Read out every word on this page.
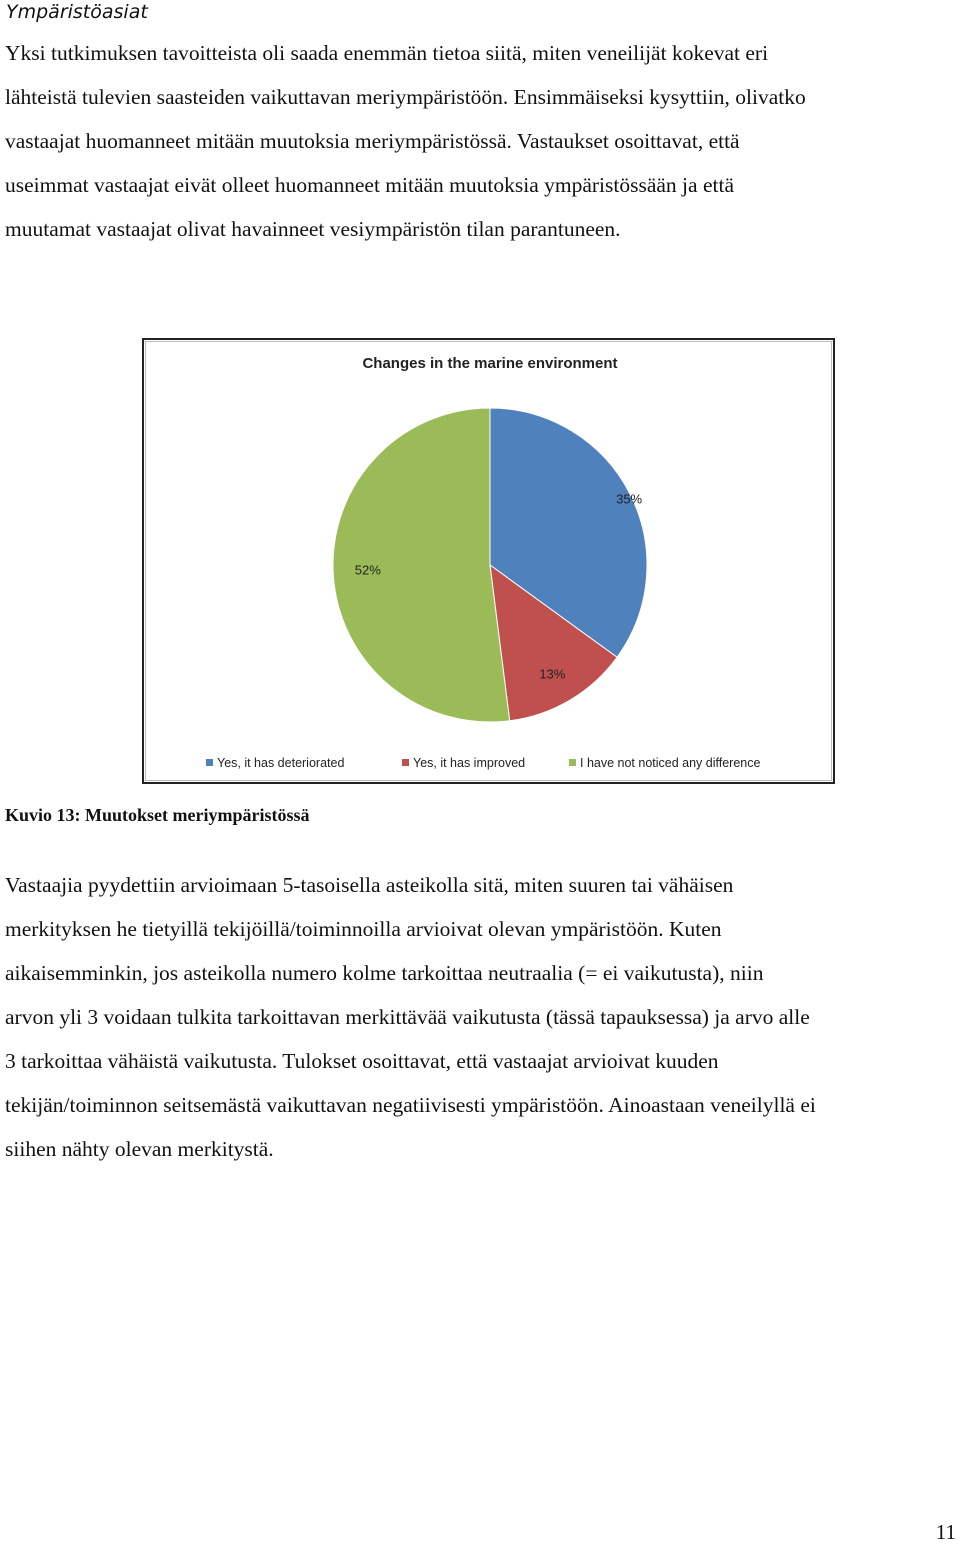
Ympäristöasiat
Yksi tutkimuksen tavoitteista oli saada enemmän tietoa siitä, miten veneilijät kokevat eri
lähteistä tulevien saasteiden vaikuttavan meriympäristöön. Ensimmäiseksi kysyttiin, olivatko
vastaajat huomanneet mitään muutoksia meriympäristössä. Vastaukset osoittavat, että
useimmat vastaajat eivät olleet huomanneet mitään muutoksia ympäristössään ja että
muutamat vastaajat olivat havainneet vesiympäristön tilan parantuneen.
Changes in the marine environment
35%
13%
52%
Yes, it has deteriorated	Yes, it has improved	I have not noticed any difference
Kuvio 13: Muutokset meriympäristössä
Vastaajia pyydettiin arvioimaan 5-tasoisella asteikolla sitä, miten suuren tai vähäisen
merkityksen he tietyillä tekijöillä/toiminnoilla arvioivat olevan ympäristöön. Kuten
aikaisemminkin, jos asteikolla numero kolme tarkoittaa neutraalia (= ei vaikutusta), niin
arvon yli 3 voidaan tulkita tarkoittavan merkittävää vaikutusta (tässä tapauksessa) ja arvo alle
3 tarkoittaa vähäistä vaikutusta. Tulokset osoittavat, että vastaajat arvioivat kuuden
tekijän/toiminnon seitsemästä vaikuttavan negatiivisesti ympäristöön. Ainoastaan veneilyllä ei
siihen nähty olevan merkitystä.
11
